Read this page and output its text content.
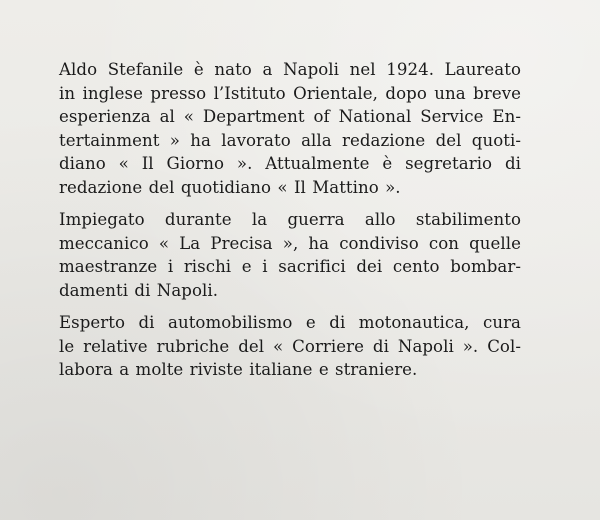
Aldo Stefanile è nato a Napoli nel 1924. Laureato
in inglese presso l’Istituto Orientale, dopo una breve
esperienza al « Department of National Service En-
tertainment » ha lavorato alla redazione del quoti-
diano « Il Giorno ». Attualmente è segretario di
redazione del quotidiano « Il Mattino ».
Impiegato durante la guerra allo stabilimento
meccanico « La Precisa », ha condiviso con quelle
maestranze i rischi e i sacrifici dei cento bombar-
damenti di Napoli.
Esperto di automobilismo e di motonautica, cura
le relative rubriche del « Corriere di Napoli ». Col-
labora a molte riviste italiane e straniere.
